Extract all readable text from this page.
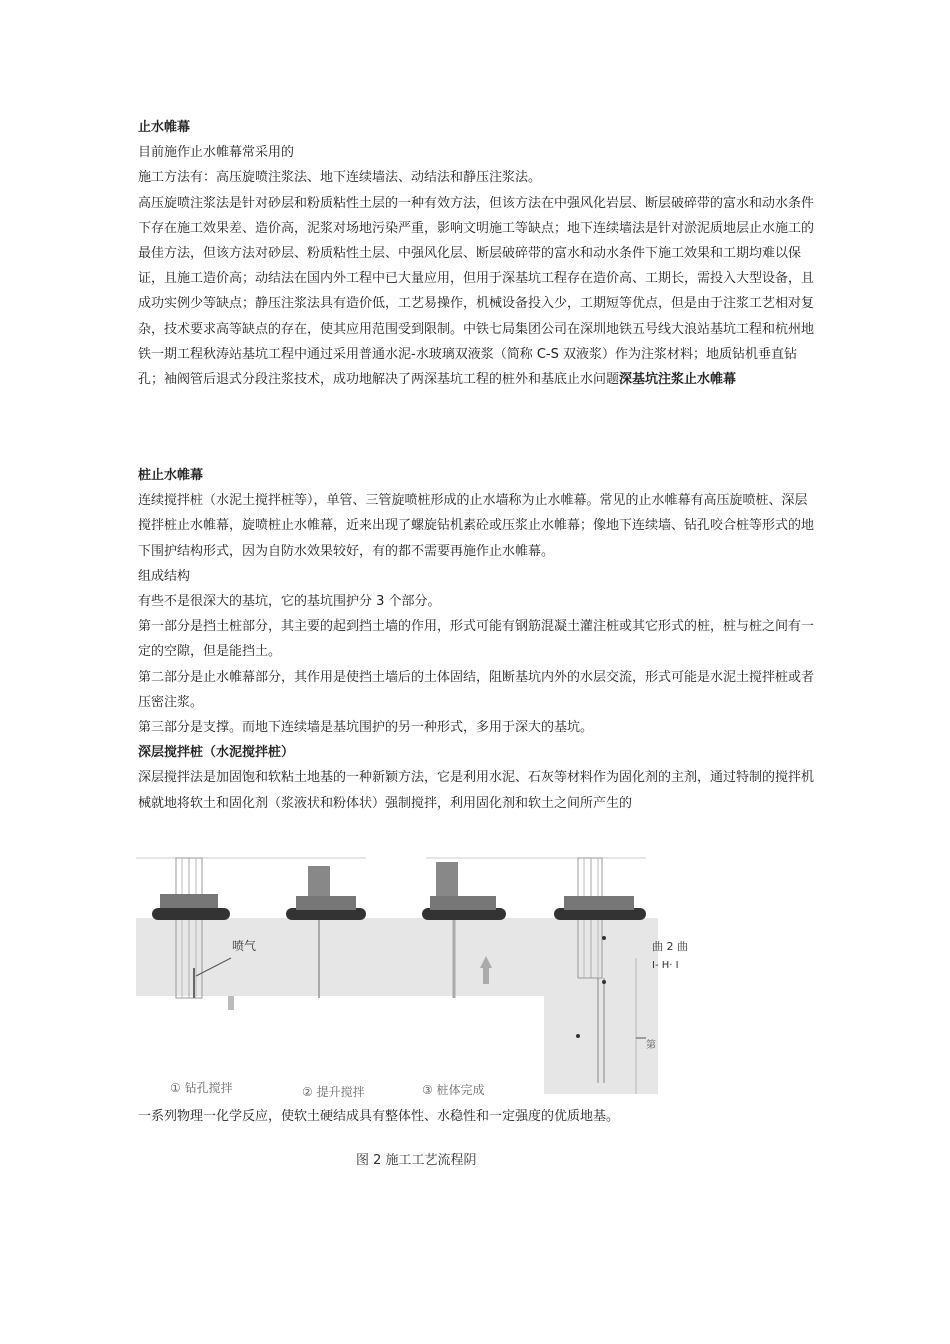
止水帷幕

目前施作止水帷幕常采用的

施工方法有：高压旋喷注浆法、地下连续墙法、动结法和静压注浆法。

高压旋喷注浆法是针对砂层和粉质粘性土层的一种有效方法，但该方法在中强风化岩层、断层破碎带的富水和动水条件下存在施工效果差、造价高，泥浆对场地污染严重，影响文明施工等缺点；地下连续墙法是针对淤泥质地层止水施工的最佳方法，但该方法对砂层、粉质粘性土层、中强风化层、断层破碎带的富水和动水条件下施工效果和工期均难以保证，且施工造价高；动结法在国内外工程中已大量应用，但用于深基坑工程存在造价高、工期长，需投入大型设备，且成功实例少等缺点；静压注浆法具有造价低，工艺易操作，机械设备投入少，工期短等优点，但是由于注浆工艺相对复杂，技术要求高等缺点的存在，使其应用范围受到限制。中铁七局集团公司在深圳地铁五号线大浪站基坑工程和杭州地铁一期工程秋涛站基坑工程中通过采用普通水泥-水玻璃双液浆（简称 C-S 双液浆）作为注浆材料；地质钻机垂直钻孔；袖阀管后退式分段注浆技术，成功地解决了两深基坑工程的桩外和基底止水问题深基坑注浆止水帷幕

桩止水帷幕

连续搅拌桩（水泥土搅拌桩等），单管、三管旋喷桩形成的止水墙称为止水帷幕。常见的止水帷幕有高压旋喷桩、深层搅拌桩止水帷幕，旋喷桩止水帷幕，近来出现了螺旋钻机素砼或压浆止水帷幕；像地下连续墙、钻孔咬合桩等形式的地下围护结构形式，因为自防水效果较好，有的都不需要再施作止水帷幕。

组成结构

有些不是很深大的基坑，它的基坑围护分 3 个部分。

第一部分是挡土桩部分，其主要的起到挡土墙的作用，形式可能有钢筋混凝土灌注桩或其它形式的桩，桩与桩之间有一定的空隙，但是能挡土。

第二部分是止水帷幕部分，其作用是使挡土墙后的土体固结，阻断基坑内外的水层交流，形式可能是水泥土搅拌桩或者压密注浆。

第三部分是支撑。而地下连续墙是基坑围护的另一种形式，多用于深大的基坑。

深层搅拌桩（水泥搅拌桩）

深层搅拌法是加固饱和软粘土地基的一种新颖方法，它是利用水泥、石灰等材料作为固化剂的主剂，通过特制的搅拌机械就地将软土和固化剂（浆液状和粉体状）强制搅拌，利用固化剂和软土之间所产生的

喷气	曲 2 曲
I- H· I
第
① 钻孔搅拌	② 提升搅拌	③ 桩体完成

一系列物理一化学反应，使软土硬结成具有整体性、水稳性和一定强度的优质地基。

图 2 施工工艺流程阴
